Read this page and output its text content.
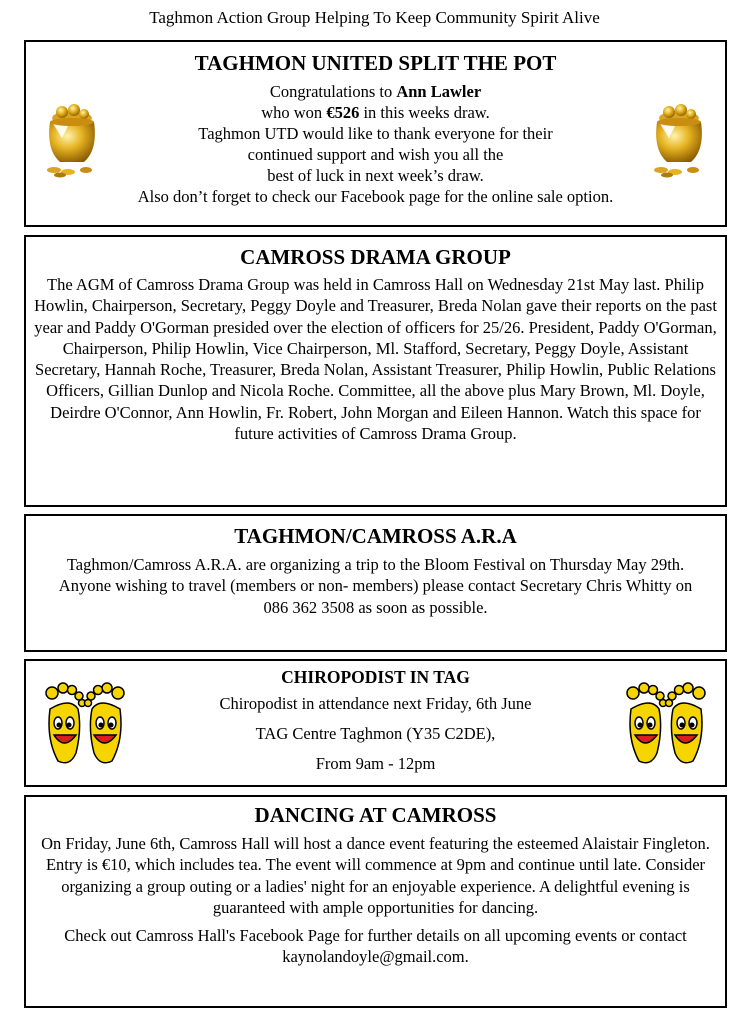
Taghmon Action Group Helping To Keep Community Spirit Alive
TAGHMON UNITED SPLIT THE POT

Congratulations to Ann Lawler

who won €526 in this weeks draw.

Taghmon UTD would like to thank everyone for their

continued support and wish you all the

best of luck in next week’s draw.

Also don’t forget to check our Facebook page for the online sale option.

CAMROSS DRAMA GROUP

The AGM of Camross Drama Group was held in Camross Hall on Wednesday 21st May last. Philip Howlin, Chairperson, Secretary, Peggy Doyle and Treasurer, Breda Nolan gave their reports on the past year and Paddy O'Gorman presided over the election of officers for 25/26. President, Paddy O'Gorman, Chairperson, Philip Howlin, Vice Chairperson, Ml. Stafford, Secretary, Peggy Doyle, Assistant Secretary, Hannah Roche, Treasurer, Breda Nolan, Assistant Treasurer, Philip Howlin, Public Relations Officers, Gillian Dunlop and Nicola Roche. Committee, all the above plus Mary Brown, Ml. Doyle, Deirdre O'Connor, Ann Howlin, Fr. Robert, John Morgan and Eileen Hannon. Watch this space for future activities of Camross Drama Group.

TAGHMON/CAMROSS A.R.A

Taghmon/Camross A.R.A. are organizing a trip to the Bloom Festival on Thursday May 29th. Anyone wishing to travel (members or non- members) please contact Secretary Chris Whitty on 086 362 3508 as soon as possible.

CHIROPODIST IN TAG

Chiropodist in attendance next Friday, 6th June

TAG Centre Taghmon (Y35 C2DE),

From 9am - 12pm

DANCING AT CAMROSS

On Friday, June 6th, Camross Hall will host a dance event featuring the esteemed Alaistair Fingleton. Entry is €10, which includes tea. The event will commence at 9pm and continue until late. Consider organizing a group outing or a ladies' night for an enjoyable experience. A delightful evening is guaranteed with ample opportunities for dancing.

Check out Camross Hall's Facebook Page for further details on all upcoming events or contact kaynolandoyle@gmail.com.
